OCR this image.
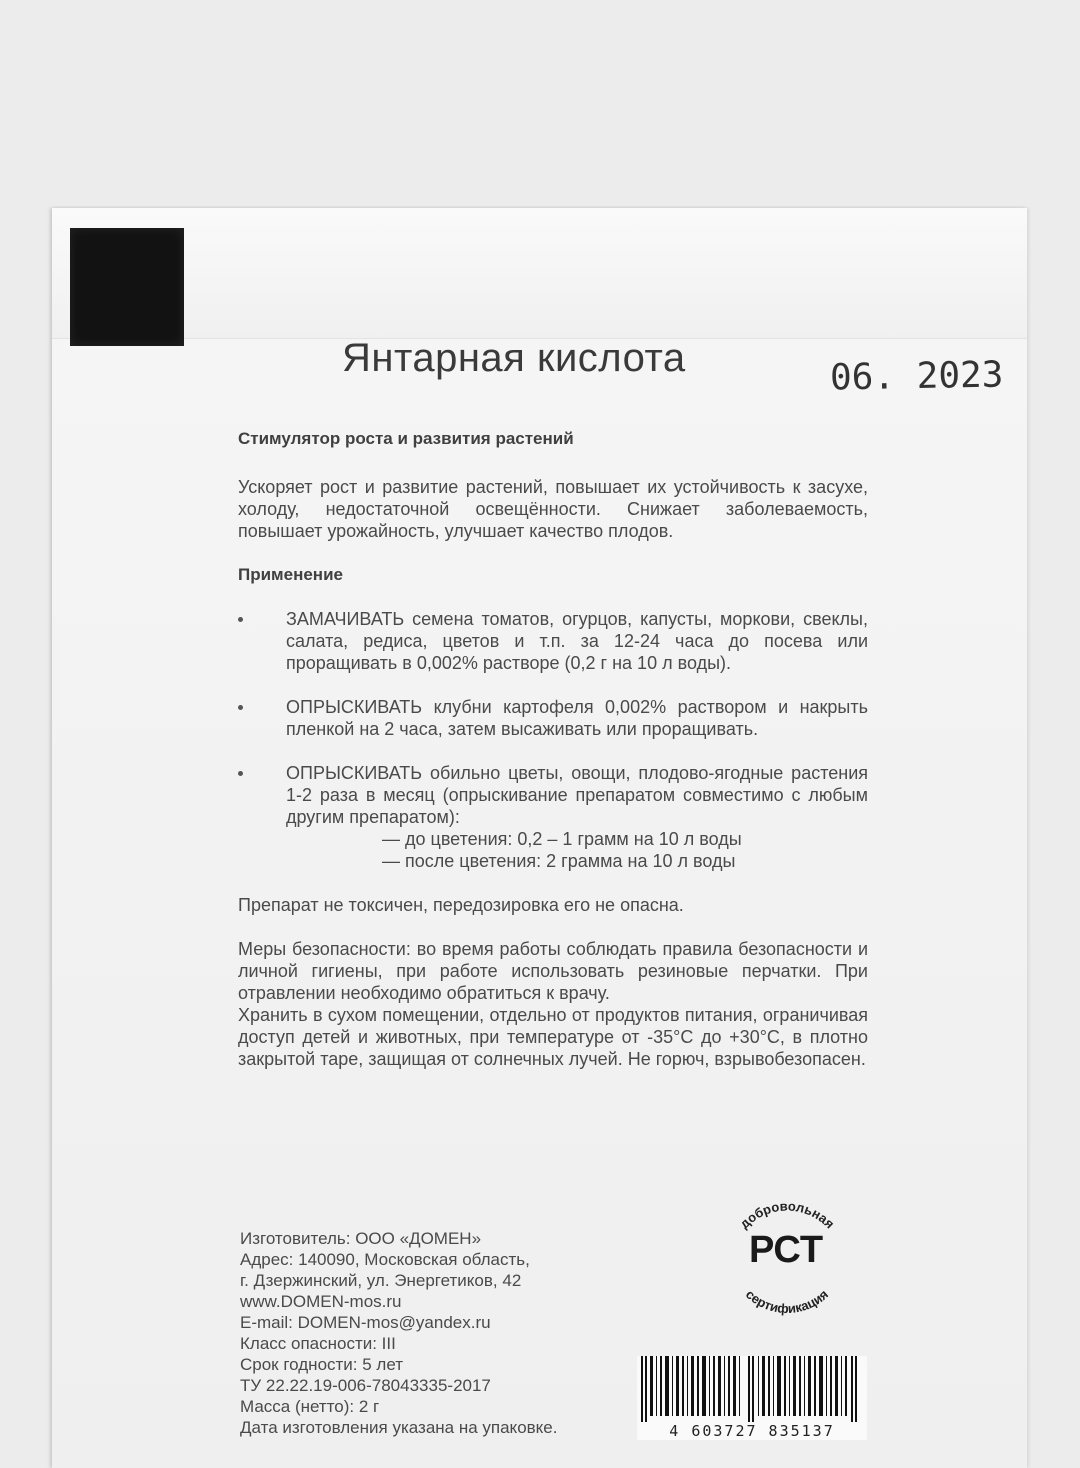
Янтарная кислота	06. 2023
Стимулятор роста и развития растений

Ускоряет рост и развитие растений, повышает их устойчивость к засухе, холоду, недостаточной освещённости. Снижает заболеваемость, повышает урожайность, улучшает качество плодов.

Применение
ЗАМАЧИВАТЬ семена томатов, огурцов, капусты, моркови, свеклы, салата, редиса, цветов и т.п. за 12-24 часа до посева или проращивать в 0,002% растворе (0,2 г на 10 л воды).
ОПРЫСКИВАТЬ клубни картофеля 0,002% раствором и накрыть пленкой на 2 часа, затем высаживать или проращивать.
ОПРЫСКИВАТЬ обильно цветы, овощи, плодово-ягодные растения 1-2 раза в месяц (опрыскивание препаратом совместимо с любым другим препаратом):
— до цветения: 0,2 – 1 грамм на 10 л воды
— после цветения: 2 грамма на 10 л воды

Препарат не токсичен, передозировка его не опасна.

Меры безопасности: во время работы соблюдать правила безопасности и личной гигиены, при работе использовать резиновые перчатки. При отравлении необходимо обратиться к врачу.

Хранить в сухом помещении, отдельно от продуктов питания, ограничивая доступ детей и животных, при температуре от -35°С до +30°С, в плотно закрытой таре, защищая от солнечных лучей. Не горюч, взрывобезопасен.

Изготовитель: ООО «ДОМЕН»
Адрес: 140090, Московская область,
г. Дзержинский, ул. Энергетиков, 42
www.DOMEN-mos.ru
E-mail: DOMEN-mos@yandex.ru
Класс опасности: III
Срок годности: 5 лет
ТУ 22.22.19-006-78043335-2017
Масса (нетто): 2 г
Дата изготовления указана на упаковке.
добровольная
сертификация
РСТ
4 603727 835137
